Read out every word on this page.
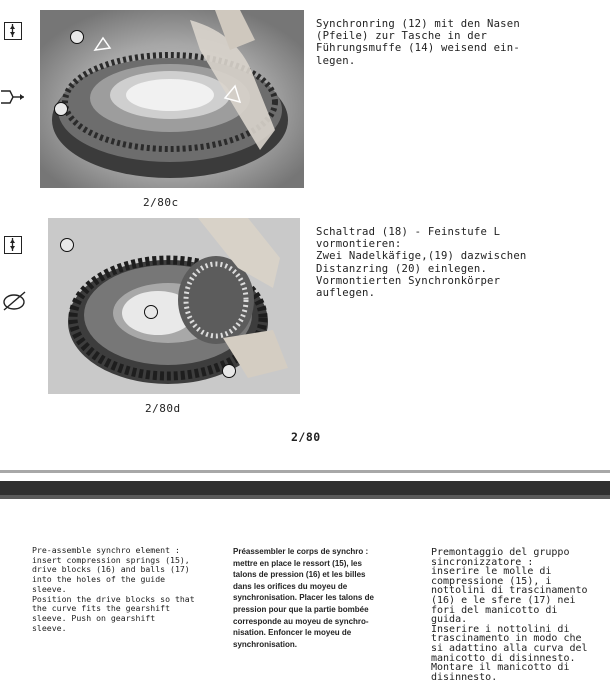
2/80c
Synchronring (12) mit den Nasen
(Pfeile) zur Tasche in der
Führungsmuffe (14) weisend ein-
legen.
2/80d
Schaltrad (18) - Feinstufe L
vormontieren:
Zwei Nadelkäfige,(19) dazwischen
Distanzring (20) einlegen.
Vormontierten Synchronkörper
auflegen.
2/80
Pre-assemble synchro element :
insert compression springs (15),
drive blocks (16) and balls (17)
into the holes of the guide
sleeve.
Position the drive blocks so that
the curve fits the gearshift
sleeve. Push on gearshift
sleeve.
Préassembler le corps de synchro :
mettre en place le ressort (15), les
talons de pression (16) et les billes
dans les orifices du moyeu de
synchronisation. Placer les talons de
pression pour que la partie bombée
corresponde au moyeu de synchro-
nisation. Enfoncer le moyeu de
synchronisation.
Premontaggio del gruppo
sincronizzatore :
inserire le molle di
compressione (15), i
nottolini di trascinamento
(16) e le sfere (17) nei
fori del manicotto di
guida.
Inserire i nottolini di
trascinamento in modo che
si adattino alla curva del
manicotto di disinnesto.
Montare il manicotto di
disinnesto.
